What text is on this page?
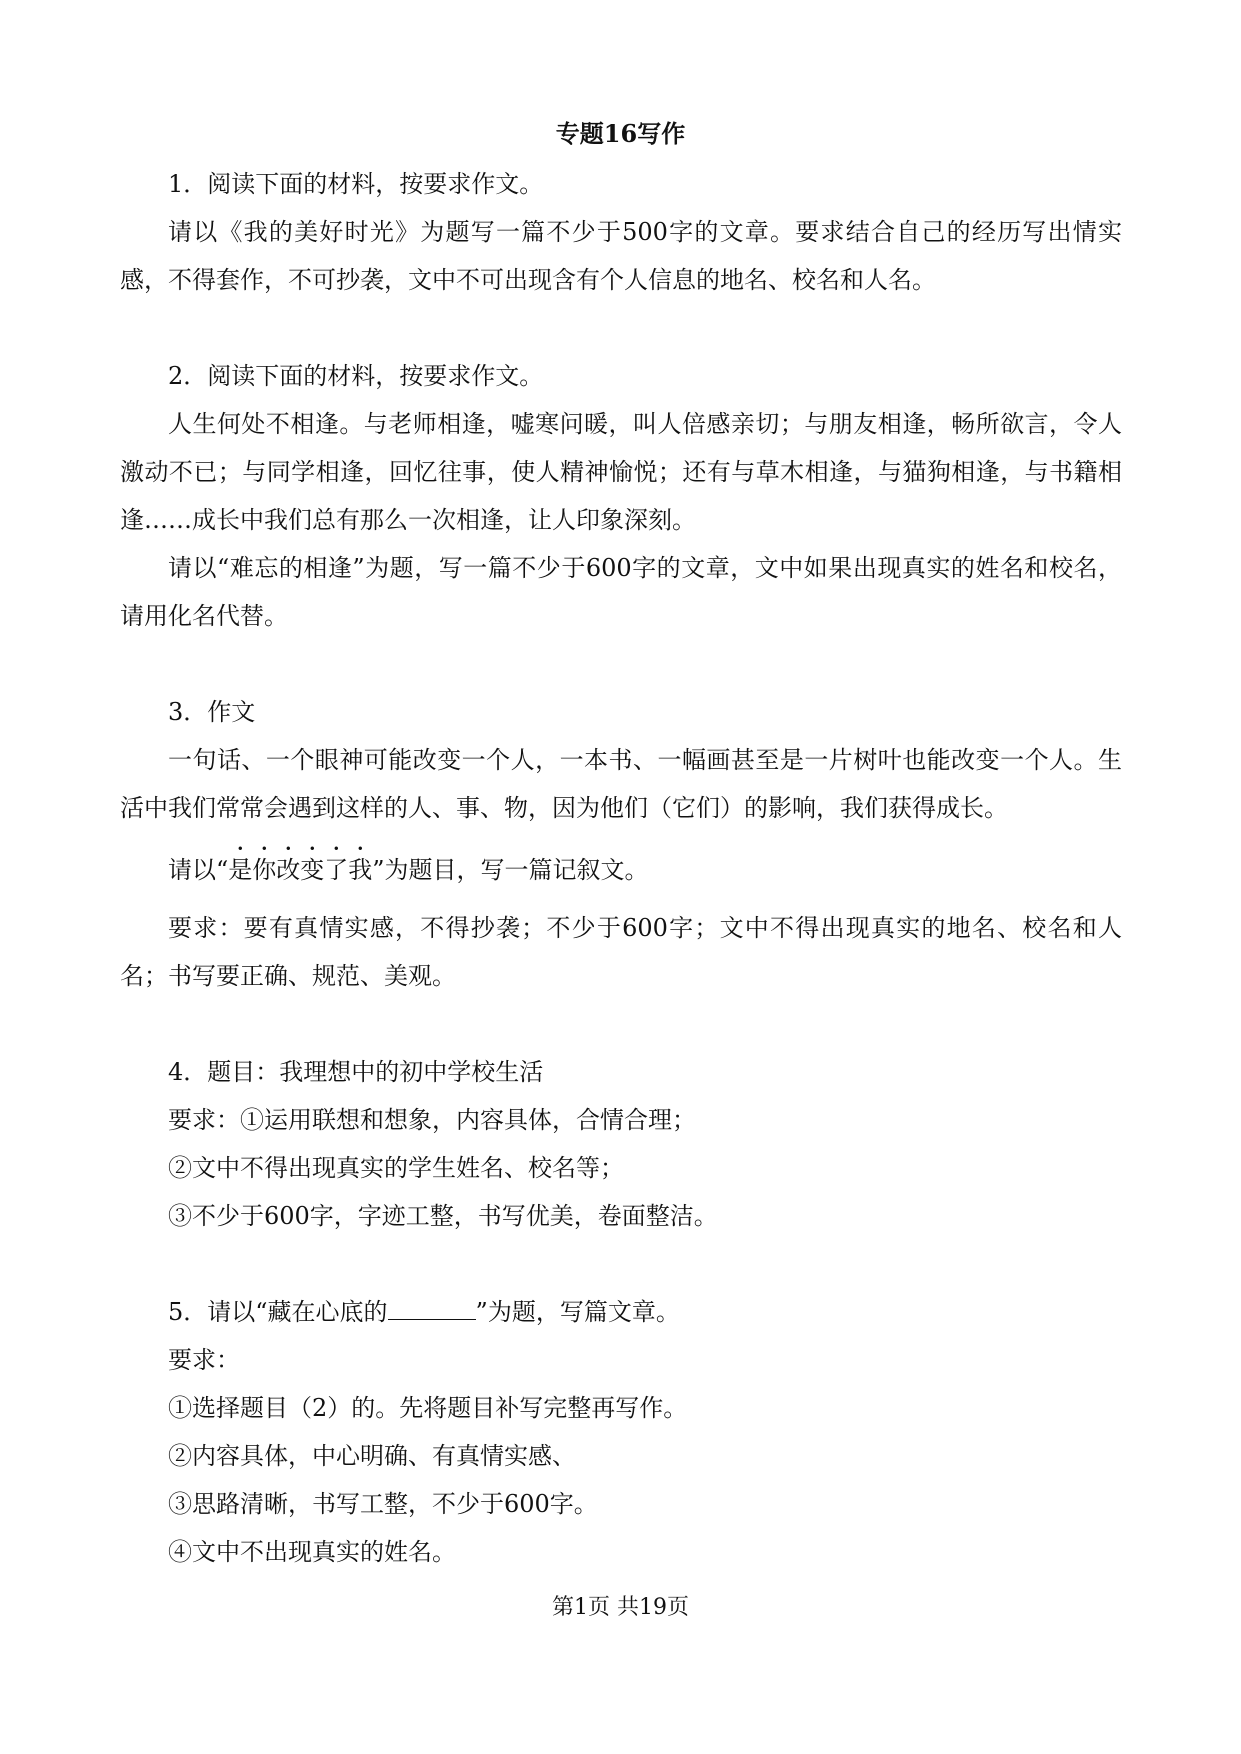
专题16写作

1．阅读下面的材料，按要求作文。

请以《我的美好时光》为题写一篇不少于500字的文章。要求结合自己的经历写出情实感，不得套作，不可抄袭，文中不可出现含有个人信息的地名、校名和人名。

2．阅读下面的材料，按要求作文。

人生何处不相逢。与老师相逢，嘘寒问暖，叫人倍感亲切；与朋友相逢，畅所欲言，令人激动不已；与同学相逢，回忆往事，使人精神愉悦；还有与草木相逢，与猫狗相逢，与书籍相逢……成长中我们总有那么一次相逢，让人印象深刻。

请以“难忘的相逢”为题，写一篇不少于600字的文章，文中如果出现真实的姓名和校名，请用化名代替。

3．作文

一句话、一个眼神可能改变一个人，一本书、一幅画甚至是一片树叶也能改变一个人。生活中我们常常会遇到这样的人、事、物，因为他们（它们）的影响，我们获得成长。

请以“是你改变了我”为题目，写一篇记叙文。

要求：要有真情实感，不得抄袭；不少于600字；文中不得出现真实的地名、校名和人名；书写要正确、规范、美观。

4．题目：我理想中的初中学校生活

要求：①运用联想和想象，内容具体，合情合理；

②文中不得出现真实的学生姓名、校名等；

③不少于600字，字迹工整，书写优美，卷面整洁。

5．请以“藏在心底的	”为题，写篇文章。

要求：

①选择题目（2）的。先将题目补写完整再写作。

②内容具体，中心明确、有真情实感、

③思路清晰，书写工整，不少于600字。

④文中不出现真实的姓名。

第1页 共19页
